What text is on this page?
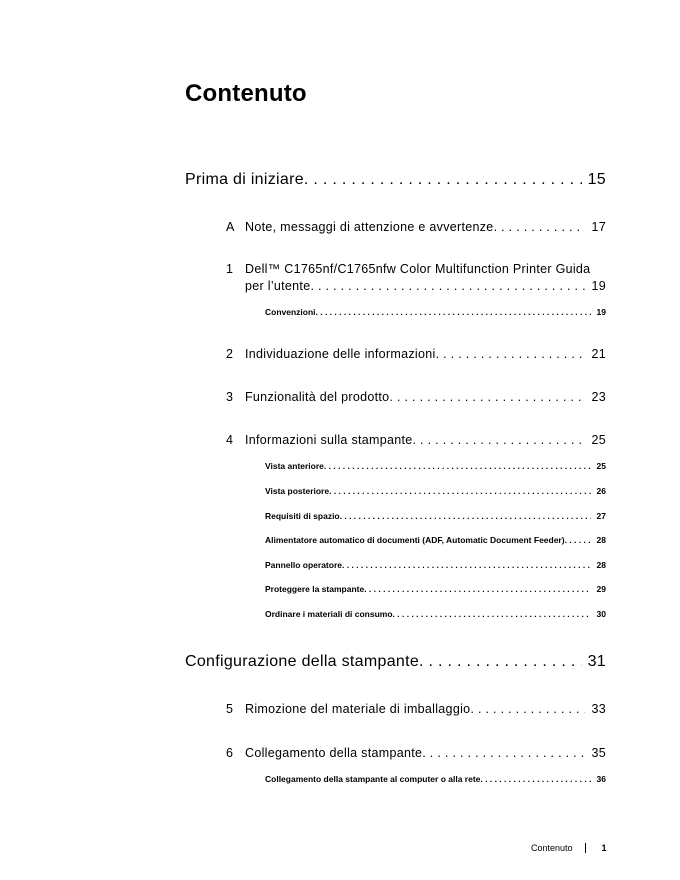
Contenuto
Prima di iniziare . . .	15
A Note, messaggi di attenzione e avvertenze . . .	17
1 Dell™ C1765nf/C1765nfw Color Multifunction Printer Guida
per l’utente . . .	19
Convenzioni . . .	19
2 Individuazione delle informazioni . . .	21
3 Funzionalità del prodotto . . .	23
4 Informazioni sulla stampante . . .	25
Vista anteriore . . .	25
Vista posteriore . . .	26
Requisiti di spazio . . .	27
Alimentatore automatico di documenti (ADF, Automatic Document Feeder) . . .	28
Pannello operatore . . .	28
Proteggere la stampante . . .	29
Ordinare i materiali di consumo . . .	30
Configurazione della stampante . . .	31
5 Rimozione del materiale di imballaggio . . .	33
6 Collegamento della stampante . . .	35
Collegamento della stampante al computer o alla rete . . .	36
Contenuto	1
